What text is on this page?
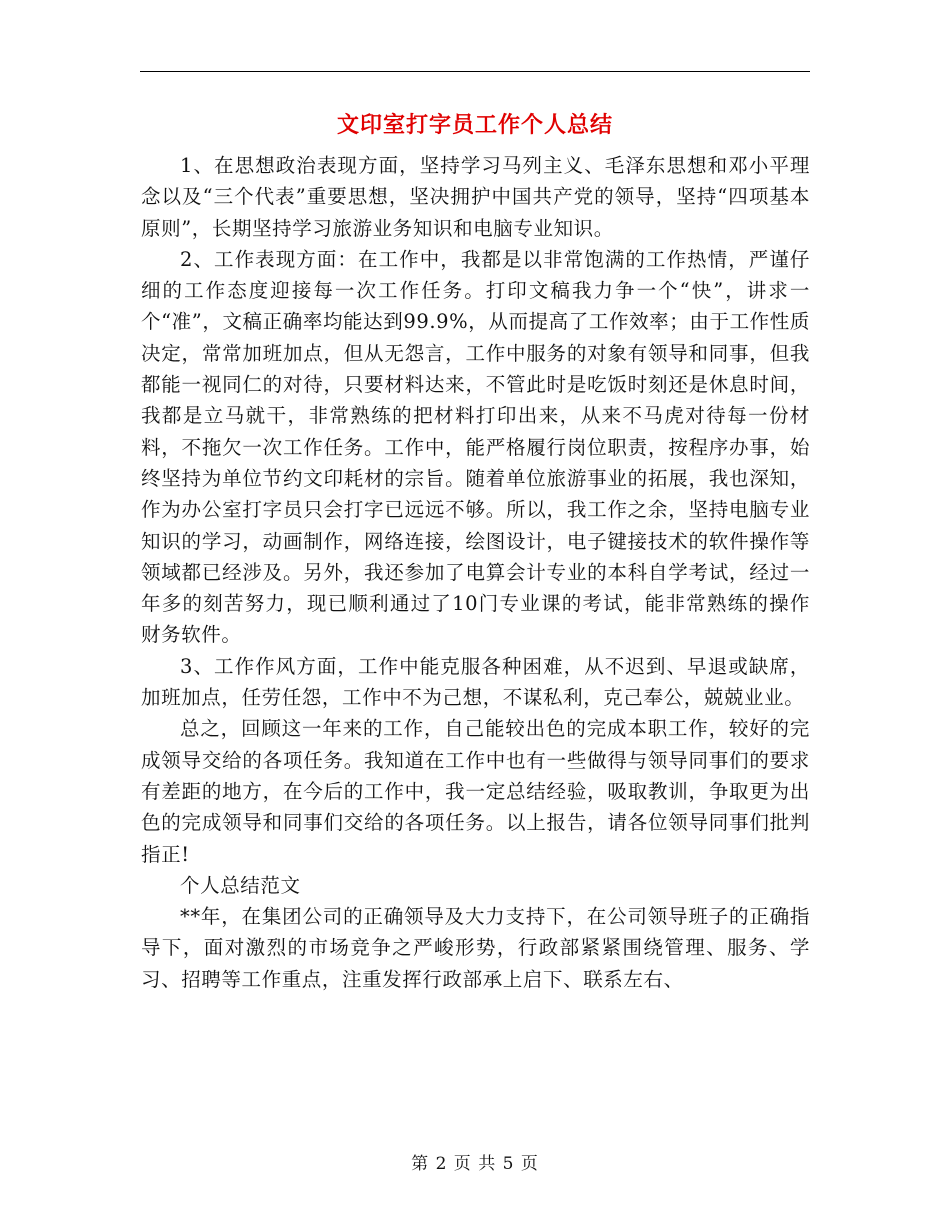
文印室打字员工作个人总结

1、在思想政治表现方面，坚持学习马列主义、毛泽东思想和邓小平理念以及“三个代表”重要思想，坚决拥护中国共产党的领导，坚持“四项基本原则”，长期坚持学习旅游业务知识和电脑专业知识。

2、工作表现方面：在工作中，我都是以非常饱满的工作热情，严谨仔细的工作态度迎接每一次工作任务。打印文稿我力争一个“快”，讲求一个“准”，文稿正确率均能达到99.9%，从而提高了工作效率；由于工作性质决定，常常加班加点，但从无怨言，工作中服务的对象有领导和同事，但我都能一视同仁的对待，只要材料达来，不管此时是吃饭时刻还是休息时间，我都是立马就干，非常熟练的把材料打印出来，从来不马虎对待每一份材料，不拖欠一次工作任务。工作中，能严格履行岗位职责，按程序办事，始终坚持为单位节约文印耗材的宗旨。随着单位旅游事业的拓展，我也深知，作为办公室打字员只会打字已远远不够。所以，我工作之余，坚持电脑专业知识的学习，动画制作，网络连接，绘图设计，电子键接技术的软件操作等领域都已经涉及。另外，我还参加了电算会计专业的本科自学考试，经过一年多的刻苦努力，现已顺利通过了10门专业课的考试，能非常熟练的操作财务软件。

3、工作作风方面，工作中能克服各种困难，从不迟到、早退或缺席，加班加点，任劳任怨，工作中不为己想，不谋私利，克己奉公，兢兢业业。

总之，回顾这一年来的工作，自己能较出色的完成本职工作，较好的完成领导交给的各项任务。我知道在工作中也有一些做得与领导同事们的要求有差距的地方，在今后的工作中，我一定总结经验，吸取教训，争取更为出色的完成领导和同事们交给的各项任务。以上报告，请各位领导同事们批判指正!

个人总结范文

**年，在集团公司的正确领导及大力支持下，在公司领导班子的正确指导下，面对激烈的市场竞争之严峻形势，行政部紧紧围绕管理、服务、学习、招聘等工作重点，注重发挥行政部承上启下、联系左右、

第 2 页 共 5 页
